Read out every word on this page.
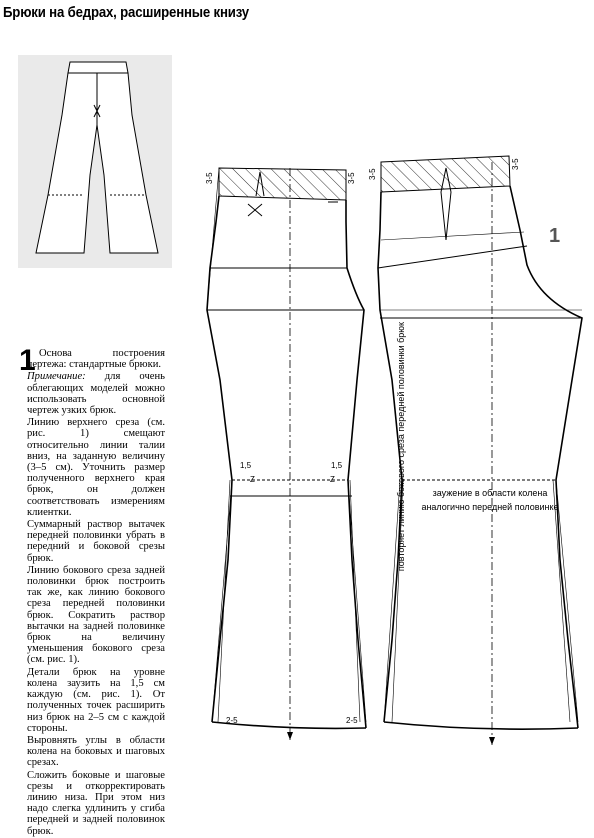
Брюки на бедрах, расширенные книзу
1 Основа построения чертежа: стандартные брюки.

Примечание: для очень облегающих моделей можно использовать основной чертеж узких брюк.

Линию верхнего среза (см. рис. 1) смещают относительно линии талии вниз, на заданную величину (3–5 см). Уточнить размер полученного верхнего края брюк, он должен соответствовать измерениям клиентки.

Суммарный раствор вытачек передней половинки убрать в передний и боковой срезы брюк.

Линию бокового среза задней половинки брюк построить так же, как линию бокового среза передней половинки брюк. Сократить раствор вытачки на задней половинке брюк на величину уменьшения бокового среза (см. рис. 1).

Детали брюк на уровне колена заузить на 1,5 см каждую (см. рис. 1). От полученных точек расширить низ брюк на 2–5 см с каждой стороны.

Выровнять углы в области колена на боковых и шаговых срезах.

Сложить боковые и шаговые срезы и откорректировать линию низа. При этом низ надо слегка удлинить у сгиба передней и задней половинок брюк.

3-5	3-5 3-5
3-5
1,5	1,5
Z	Z
2-5	2-5
1
повторяет линию бокового среза передней половинки брюк	заужение в области колена аналогично передней половинке
